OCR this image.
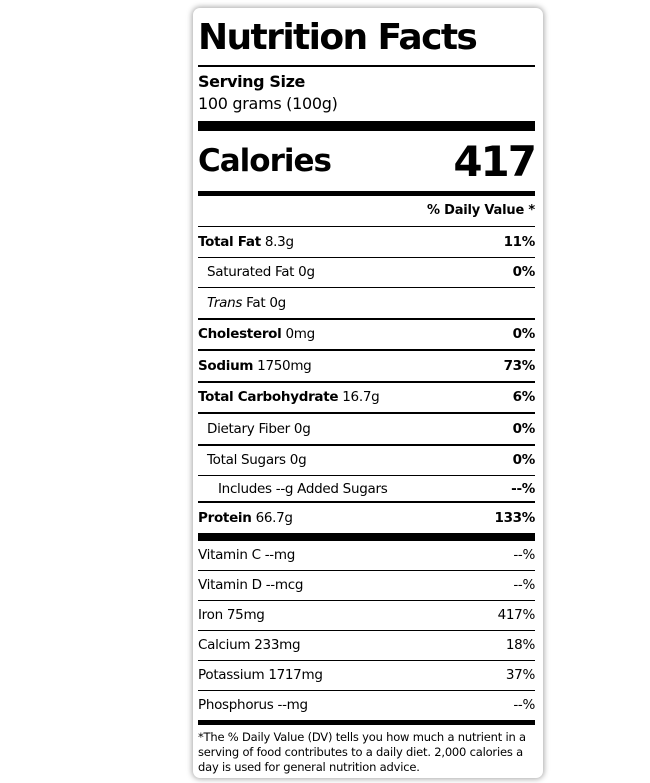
Nutrition Facts
Serving Size
100 grams (100g)
Calories	417
% Daily Value *
Total Fat 8.3g	11%
Saturated Fat 0g	0%
Trans Fat 0g
Cholesterol 0mg	0%
Sodium 1750mg	73%
Total Carbohydrate 16.7g	6%
Dietary Fiber 0g	0%
Total Sugars 0g	0%
Includes --g Added Sugars	--%
Protein 66.7g	133%
Vitamin C --mg	--%
Vitamin D --mcg	--%
Iron 75mg	417%
Calcium 233mg	18%
Potassium 1717mg	37%
Phosphorus --mg	--%
*The % Daily Value (DV) tells you how much a nutrient in a serving of food contributes to a daily diet. 2,000 calories a day is used for general nutrition advice.
